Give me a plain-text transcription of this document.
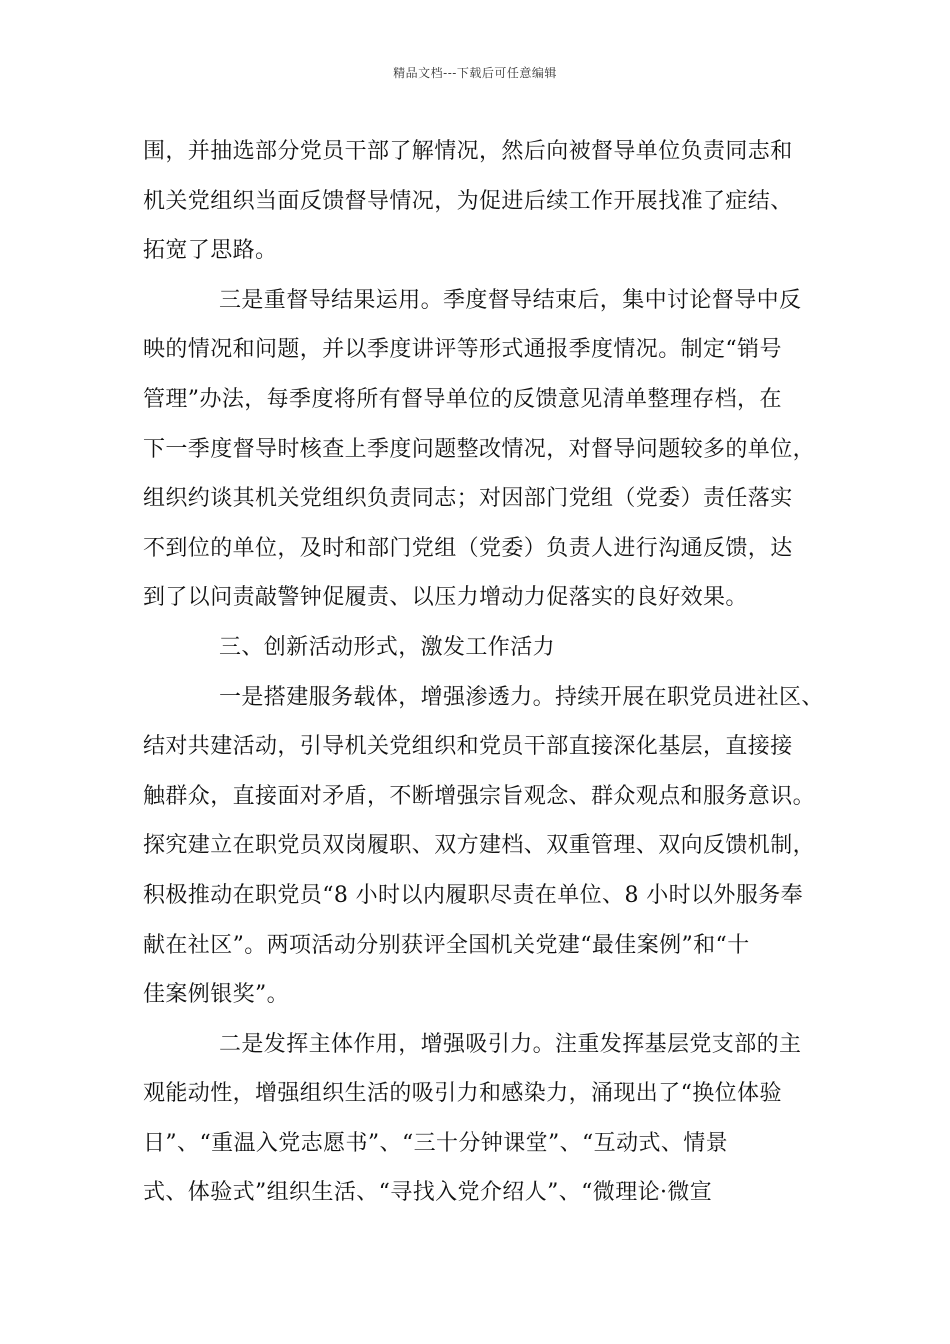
精品文档---下载后可任意编辑
围，并抽选部分党员干部了解情况，然后向被督导单位负责同志和
机关党组织当面反馈督导情况，为促进后续工作开展找准了症结、
拓宽了思路。
三是重督导结果运用。季度督导结束后，集中讨论督导中反
映的情况和问题，并以季度讲评等形式通报季度情况。制定“销号
管理”办法，每季度将所有督导单位的反馈意见清单整理存档，在
下一季度督导时核查上季度问题整改情况，对督导问题较多的单位，
组织约谈其机关党组织负责同志；对因部门党组（党委）责任落实
不到位的单位，及时和部门党组（党委）负责人进行沟通反馈，达
到了以问责敲警钟促履责、以压力增动力促落实的良好效果。
三、创新活动形式，激发工作活力
一是搭建服务载体，增强渗透力。持续开展在职党员进社区、
结对共建活动，引导机关党组织和党员干部直接深化基层，直接接
触群众，直接面对矛盾，不断增强宗旨观念、群众观点和服务意识。
探究建立在职党员双岗履职、双方建档、双重管理、双向反馈机制，
积极推动在职党员“8 小时以内履职尽责在单位、8 小时以外服务奉
献在社区”。两项活动分别获评全国机关党建“最佳案例”和“十
佳案例银奖”。
二是发挥主体作用，增强吸引力。注重发挥基层党支部的主
观能动性，增强组织生活的吸引力和感染力，涌现出了“换位体验
日”、“重温入党志愿书”、“三十分钟课堂”、“互动式、情景
式、体验式”组织生活、“寻找入党介绍人”、“微理论·微宣
